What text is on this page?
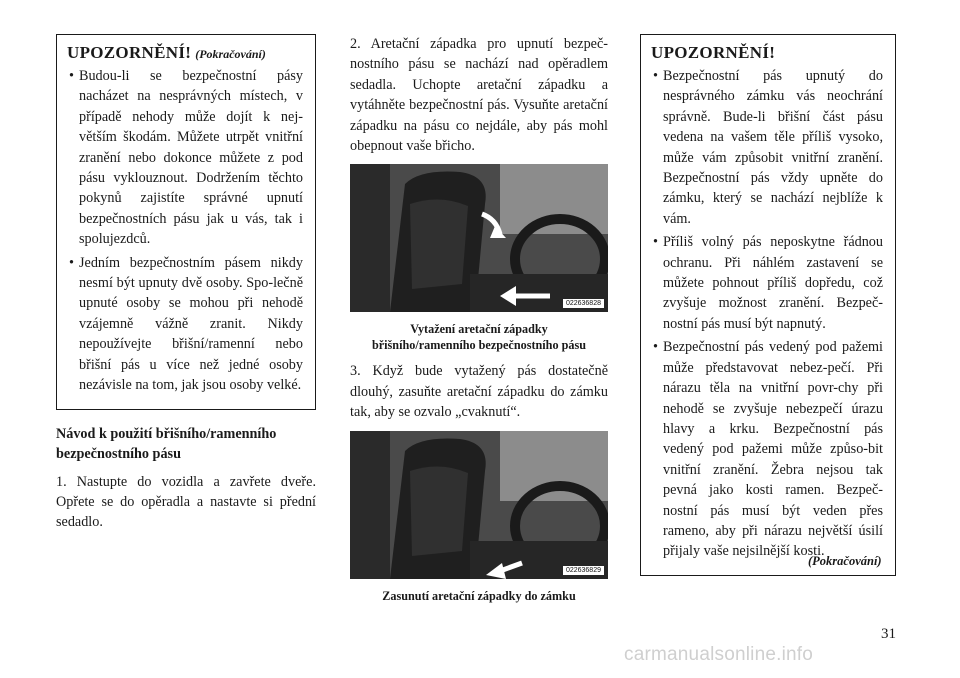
UPOZORNĚNÍ! (Pokračování)
• Budou-li se bezpečnostní pásy nacházet na nesprávných místech, v případě nehody může dojít k nej-větším škodám. Můžete utrpět vnitřní zranění nebo dokonce můžete z pod pásu vyklouznout. Dodržením těchto pokynů zajistíte správné upnutí bezpečnostních pásu jak u vás, tak i spolujezdců.
• Jedním bezpečnostním pásem nikdy nesmí být upnuty dvě osoby. Spo-lečně upnuté osoby se mohou při nehodě vzájemně vážně zranit. Nikdy nepoužívejte břišní/ramenní nebo břišní pás u více než jedné osoby nezávisle na tom, jak jsou osoby velké.
Návod k použití břišního/ramenního bezpečnostního pásu

1. Nastupte do vozidla a zavřete dveře. Opřete se do opěradla a nastavte si přední sedadlo.

2. Aretační západka pro upnutí bezpeč-nostního pásu se nachází nad opěradlem sedadla. Uchopte aretační západku a vytáhněte bezpečnostní pás. Vysuňte aretační západku na pásu co nejdále, aby pás mohl obepnout vaše břicho.

022636828
Vytažení aretační západky
břišního/ramenního bezpečnostního pásu

3. Když bude vytažený pás dostatečně dlouhý, zasuňte aretační západku do zámku tak, aby se ozvalo „cvaknutí“.

022636829
Zasunutí aretační západky do zámku
UPOZORNĚNÍ!
• Bezpečnostní pás upnutý do nesprávného zámku vás neochrání správně. Bude-li břišní část pásu vedena na vašem těle příliš vysoko, může vám způsobit vnitřní zranění. Bezpečnostní pás vždy upněte do zámku, který se nachází nejblíže k vám.
• Příliš volný pás neposkytne řádnou ochranu. Při náhlém zastavení se můžete pohnout příliš dopředu, což zvyšuje možnost zranění. Bezpeč-nostní pás musí být napnutý.
• Bezpečnostní pás vedený pod pažemi může představovat nebez-pečí. Při nárazu těla na vnitřní povr-chy při nehodě se zvyšuje nebezpečí úrazu hlavy a krku. Bezpečnostní pás vedený pod pažemi může způso-bit vnitřní zranění. Žebra nejsou tak pevná jako kosti ramen. Bezpeč-nostní pás musí být veden přes rameno, aby při nárazu největší úsilí přijaly vaše nejsilnější kosti.
(Pokračování)
31
carmanualsonline.info
